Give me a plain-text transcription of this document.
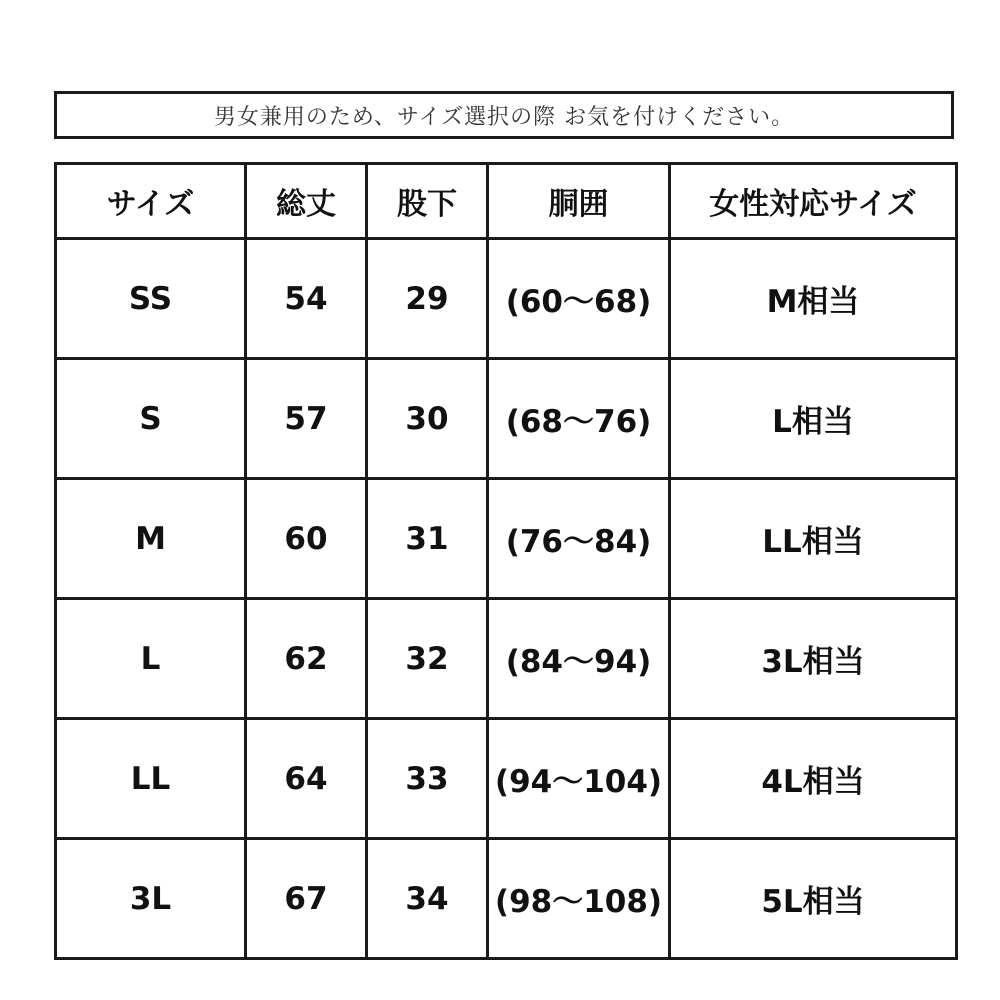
男女兼用のため、サイズ選択の際 お気を付けください。
サイズ	総丈	股下	胴囲	女性対応サイズ
SS	54	29	(60〜68)	M相当
S	57	30	(68〜76)	L相当
M	60	31	(76〜84)	LL相当
L	62	32	(84〜94)	3L相当
LL	64	33	(94〜104)	4L相当
3L	67	34	(98〜108)	5L相当
